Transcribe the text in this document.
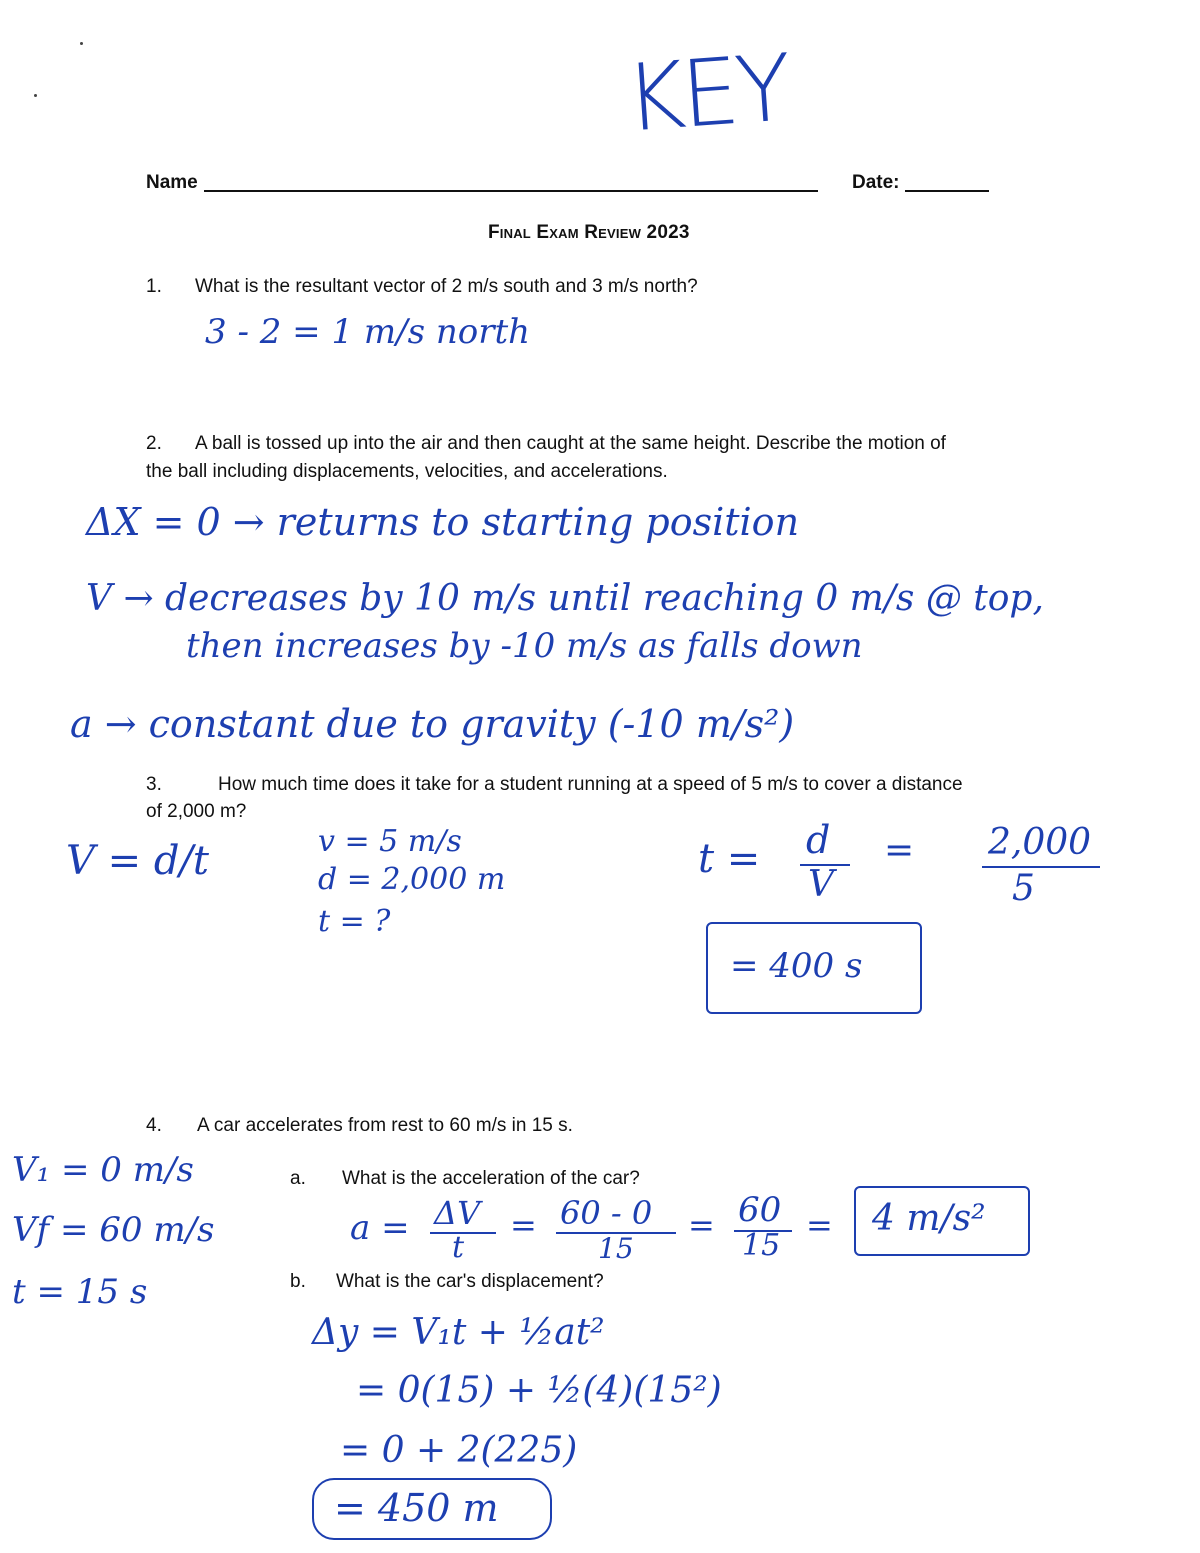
KEY
Name	Date:
Final Exam Review 2023
1. What is the resultant vector of 2 m/s south and 3 m/s north?
3 - 2 = 1 m/s north
2. A ball is tossed up into the air and then caught at the same height. Describe the motion of
the ball including displacements, velocities, and accelerations.
ΔX = 0 → returns to starting position
V → decreases by 10 m/s until reaching 0 m/s @ top,
then increases by -10 m/s as falls down
a → constant due to gravity (-10 m/s²)
3.	How much time does it take for a student running at a speed of 5 m/s to cover a distance
of 2,000 m?
V = d/t	v = 5 m/s
d = 2,000 m
t = ?
t = d
V
= 2,000
5
= 400 s
4. A car accelerates from rest to 60 m/s in 15 s.
V₁ = 0 m/s
Vf = 60 m/s
t = 15 s
a. What is the acceleration of the car?
a = ΔV
t
= 60 - 0
15
= 60
15
= 4 m/s²
b. What is the car's displacement?
Δy = V₁t + ½at²
= 0(15) + ½(4)(15²)
= 0 + 2(225)
= 450 m
